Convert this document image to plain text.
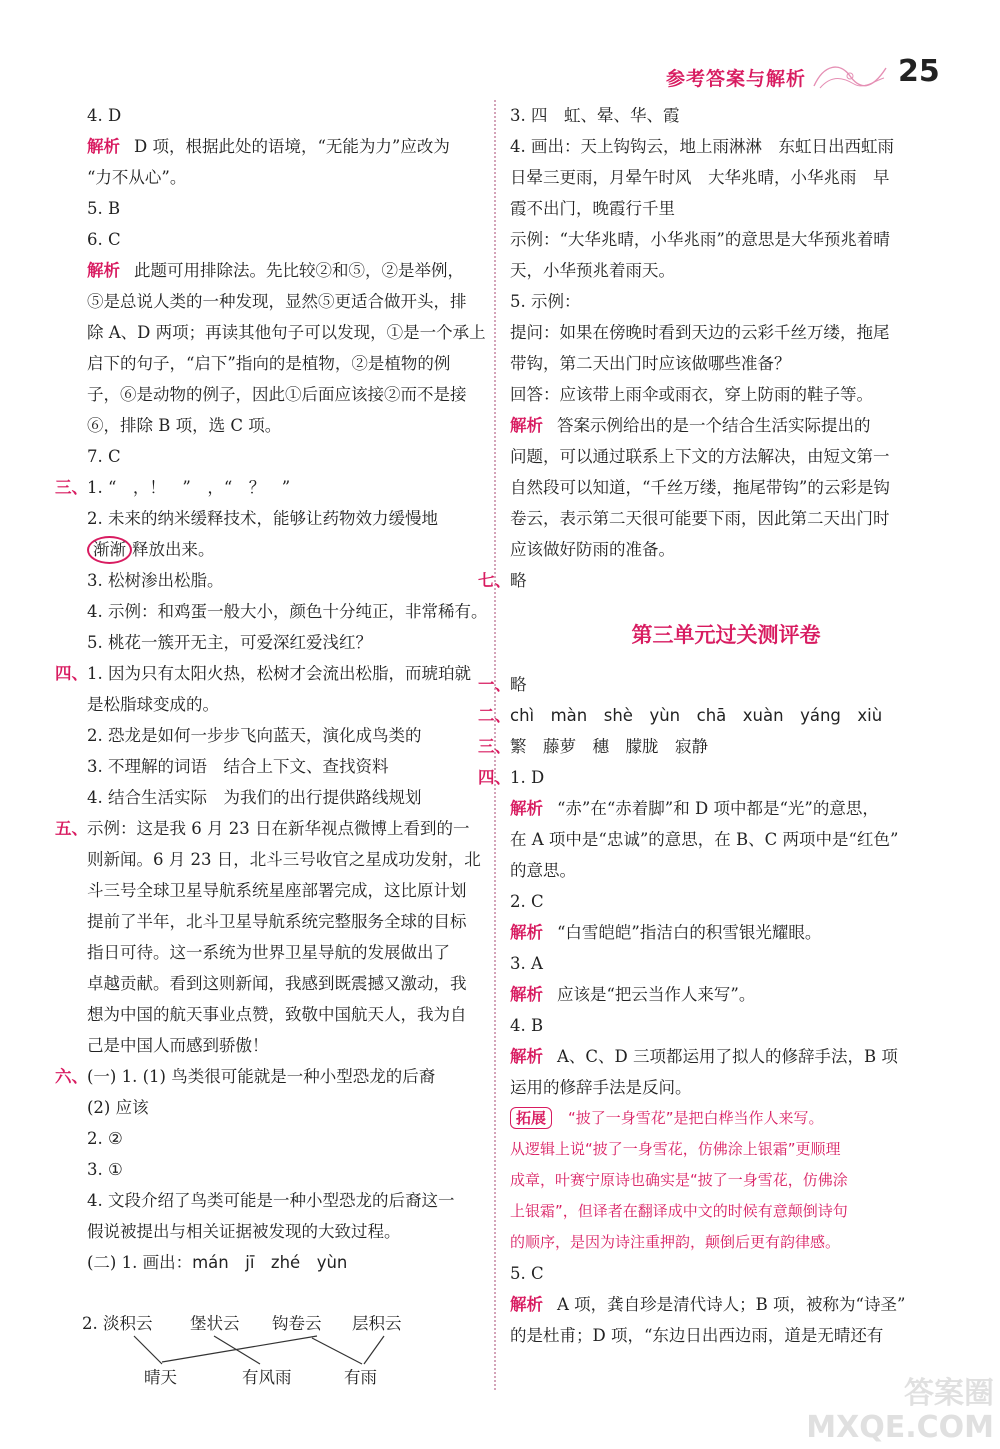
参考答案与解析	25
4. D
解析 D 项，根据此处的语境，“无能为力”应改为
“力不从心”。
5. B
6. C
解析 此题可用排除法。先比较②和⑤，②是举例，
⑤是总说人类的一种发现，显然⑤更适合做开头，排
除 A、D 两项；再读其他句子可以发现，①是一个承上
启下的句子，“启下”指向的是植物，②是植物的例
子，⑥是动物的例子，因此①后面应该接②而不是接
⑥，排除 B 项，选 C 项。
7. C
三、1. “　，！　”　，“　？　”
2. 未来的纳米缓释技术，能够让药物效力缓慢地
渐渐 释放出来。
3. 松树渗出松脂。
4. 示例：和鸡蛋一般大小，颜色十分纯正，非常稀有。
5. 桃花一簇开无主，可爱深红爱浅红？
四、1. 因为只有太阳火热，松树才会流出松脂，而琥珀就
是松脂球变成的。
2. 恐龙是如何一步步飞向蓝天，演化成鸟类的
3. 不理解的词语　结合上下文、查找资料
4. 结合生活实际　为我们的出行提供路线规划
五、示例：这是我 6 月 23 日在新华视点微博上看到的一
则新闻。6 月 23 日，北斗三号收官之星成功发射，北
斗三号全球卫星导航系统星座部署完成，这比原计划
提前了半年，北斗卫星导航系统完整服务全球的目标
指日可待。这一系统为世界卫星导航的发展做出了
卓越贡献。看到这则新闻，我感到既震撼又激动，我
想为中国的航天事业点赞，致敬中国航天人，我为自
己是中国人而感到骄傲！
六、(一) 1. (1) 鸟类很可能就是一种小型恐龙的后裔
(2) 应该
2. ②
3. ①
4. 文段介绍了鸟类可能是一种小型恐龙的后裔这一
假说被提出与相关证据被发现的大致过程。
(二) 1. 画出：mán　jī　zhé　yùn
2. 淡积云 堡状云 钩卷云 层积云
晴天	有风雨	有雨
3. 四　虹、晕、华、霞
4. 画出：天上钩钩云，地上雨淋淋　东虹日出西虹雨
日晕三更雨，月晕午时风　大华兆晴，小华兆雨　早
霞不出门，晚霞行千里
示例：“大华兆晴，小华兆雨”的意思是大华预兆着晴
天，小华预兆着雨天。
5. 示例：
提问：如果在傍晚时看到天边的云彩千丝万缕，拖尾
带钩，第二天出门时应该做哪些准备？
回答：应该带上雨伞或雨衣，穿上防雨的鞋子等。
解析 答案示例给出的是一个结合生活实际提出的
问题，可以通过联系上下文的方法解决，由短文第一
自然段可以知道，“千丝万缕，拖尾带钩”的云彩是钩
卷云，表示第二天很可能要下雨，因此第二天出门时
应该做好防雨的准备。
七、略
第三单元过关测评卷
一、略
二、chì　màn　shè　yùn　chā　xuàn　yáng　xiù
三、繁　藤萝　穗　朦胧　寂静
四、1. D
解析 “赤”在“赤着脚”和 D 项中都是“光”的意思，
在 A 项中是“忠诚”的意思，在 B、C 两项中是“红色”
的意思。
2. C
解析 “白雪皑皑”指洁白的积雪银光耀眼。
3. A
解析 应该是“把云当作人来写”。
4. B
解析 A、C、D 三项都运用了拟人的修辞手法，B 项
运用的修辞手法是反问。
拓展 “披了一身雪花”是把白桦当作人来写。
从逻辑上说“披了一身雪花，仿佛涂上银霜”更顺理
成章，叶赛宁原诗也确实是“披了一身雪花，仿佛涂
上银霜”，但译者在翻译成中文的时候有意颠倒诗句
的顺序，是因为诗注重押韵，颠倒后更有韵律感。
5. C
解析 A 项，龚自珍是清代诗人；B 项，被称为“诗圣”
的是杜甫；D 项，“东边日出西边雨，道是无晴还有
答案圈
MXQE.COM
